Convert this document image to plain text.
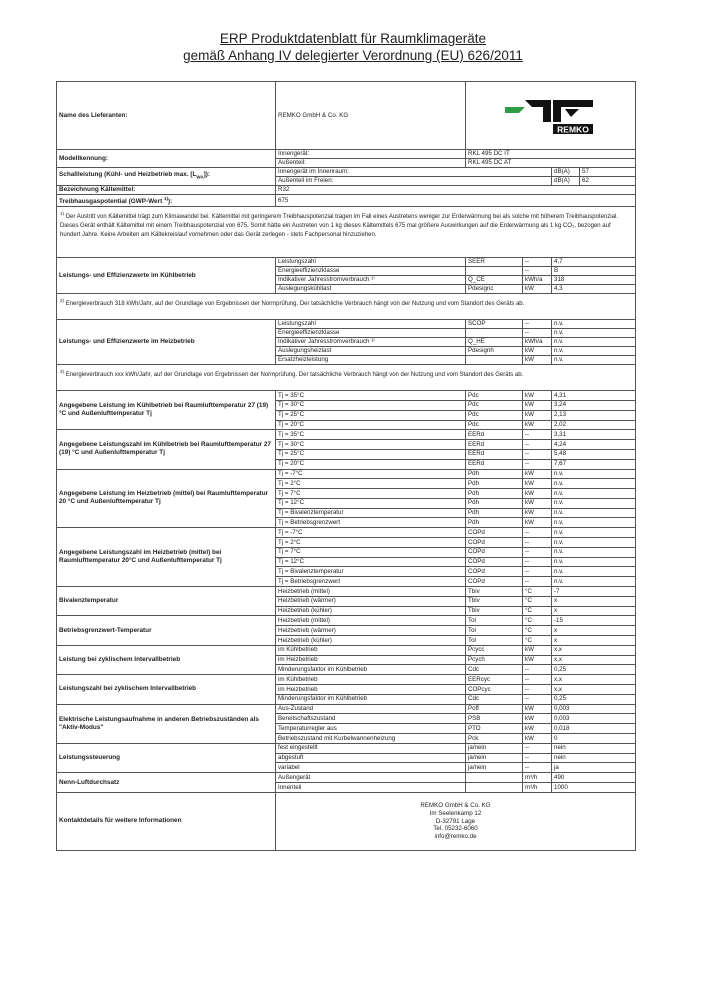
ERP Produktdatenblatt für Raumklimageräte
gemäß Anhang IV delegierter Verordnung (EU) 626/2011
Name des Lieferanten:	REMKO GmbH & Co. KG	REMKO			

Modellkennung:	Innengerät:	RKL 495 DC IT			
	Außenteil:	RKL 495 DC AT			
Schallleistung (Kühl- und Heizbetrieb max. $[L_{WA}]$):	Innengerät im Innenraum:			dB(A)	57
	Außenteil im Freien:			dB(A)	62
Bezeichnung Kältemittel:	R32				
Treibhausgaspotential (GWP-Wert $^{1)}$):	675				
$^{1)}$ Der Austritt von Kältemittel trägt zum Klimawandel bei. Kältemittel mit geringerem Treibhauspotenzial tragen im Fall eines Austretens weniger zur Erderwärmung bei als solche mit höherem Treibhauspotenzial. Dieses Gerät enthält Kältemittel mit einem Treibhauspotenzial von 675. Somit hätte ein Austreten von 1 kg dieses Kältemittels 675 mal größere Auswirkungen auf die Erderwärmung als 1 kg CO₂, bezogen auf hundert Jahre. Keine Arbeiten am Kältekreislauf vornehmen oder das Gerät zerlegen - stets Fachpersonal hinzuziehen.					
Leistungs- und Effizienzwerte im Kühlbetrieb	Leistungszahl	SEER	--	4,7	
	Energieeffizienzklasse		--	B	
	Indikativer Jahresstromverbrauch ²⁾	Q_CE	kWh/a	318	
	Auslegungskühllast	Pdesignc	kW	4,3	
$^{2)}$ Energieverbrauch 318 kWh/Jahr, auf der Grundlage von Ergebnissen der Normprüfung. Der tatsächliche Verbrauch hängt von der Nutzung und vom Standort des Geräts ab.					
Leistungs- und Effizienzwerte im Heizbetrieb	Leistungszahl	SCOP	--	n.v.	
	Energieeffizienzklasse		--	n.v.	
	Indikativer Jahresstromverbrauch ³⁾	Q_HE	kWh/a	n.v.	
	Auslegungsheizlast	Pdesignh	kW	n.v.	
	Ersatzheizleistung		kW	n.v.	
$^{3)}$ Energieverbrauch xxx kWh/Jahr, auf der Grundlage von Ergebnissen der Normprüfung. Der tatsächliche Verbrauch hängt von der Nutzung und vom Standort des Geräts ab.					
Angegebene Leistung im Kühlbetrieb bei Raumlufttemperatur 27 (19) °C und Außenlufttemperatur Tj	Tj = 35°C	Pdc	kW	4,31	
	Tj = 30°C	Pdc	kW	3,24	
	Tj = 25°C	Pdc	kW	2,13	
	Tj = 20°C	Pdc	kW	2,02	
Angegebene Leistungszahl im Kühlbetrieb bei Raumlufttemperatur 27 (19) °C und Außenlufttemperatur Tj	Tj = 35°C	EERd	--	3,31	
	Tj = 30°C	EERd	--	4,24	
	Tj = 25°C	EERd	--	5,48	
	Tj = 20°C	EERd	--	7,67	
Angegebene Leistung im Heizbetrieb (mittel) bei Raumlufttemperatur 20 °C und Außenlufttemperatur Tj	Tj = -7°C	Pdh	kW	n.v.	
	Tj = 2°C	Pdh	kW	n.v.	
	Tj = 7°C	Pdh	kW	n.v.	
	Tj = 12°C	Pdh	kW	n.v.	
	Tj = Bivalenztemperatur	Pdh	kW	n.v.	
	Tj = Betriebsgrenzwert	Pdh	kW	n.v.	
Angegebene Leistungszahl im Heizbetrieb (mittel) bei Raumlufttemperatur 20°C und Außenlufttemperatur Tj	Tj = -7°C	COPd	--	n.v.	
	Tj = 2°C	COPd	--	n.v.	
	Tj = 7°C	COPd	--	n.v.	
	Tj = 12°C	COPd	--	n.v.	
	Tj = Bivalenztemperatur	COPd	--	n.v.	
	Tj = Betriebsgrenzwert	COPd	--	n.v.	
Bivalenztemperatur	Heizbetrieb (mittel)	Tbiv	°C	-7	
	Heizbetrieb (wärmer)	Tbiv	°C	x	
	Heizbetrieb (kühler)	Tbiv	°C	x	
Betriebsgrenzwert-Temperatur	Heizbetrieb (mittel)	Tol	°C	-15	
	Heizbetrieb (wärmer)	Tol	°C	x	
	Heizbetrieb (kühler)	Tol	°C	x	
Leistung bei zyklischem Intervallbetrieb	im Kühlbetrieb	Pcycc	kW	x,x	
	im Heizbetrieb	Pcych	kW	x,x	
	Minderungsfaktor im Kühlbetrieb	Cdc	--	0,25	
Leistungszahl bei zyklischem Intervallbetrieb	im Kühlbetrieb	EERcyc	--	x,x	
	im Heizbetrieb	COPcyc	--	x,x	
	Minderungsfaktor im Kühlbetrieb	Cdc	--	0,25	
Elektrische Leistungsaufnahme in anderen Betriebszuständen als "Aktiv-Modus"	Aus-Zustand	Poff	kW	0,003	
	Bereitschaftszustand	PSB	kW	0,003	
	Temperaturregler aus	PTO	kW	0,018	
	Betriebszustand mit Kurbelwannenheizung	Pck	kW	0	
Leistungssteuerung	fest eingestellt	ja/nein	--	nein	
	abgestuft	ja/nein	--	nein	
	variabel	ja/nein	--	ja	
Nenn-Luftdurchsatz	Außengerät		m³/h	490	
	Innenteil		m³/h	1000	
Kontaktdetails für weitere Informationen	REMKO GmbH & Co. KG
Im Seelenkamp 12
D-32791 Lage
Tel. 05232-6060
info@remko.de				
